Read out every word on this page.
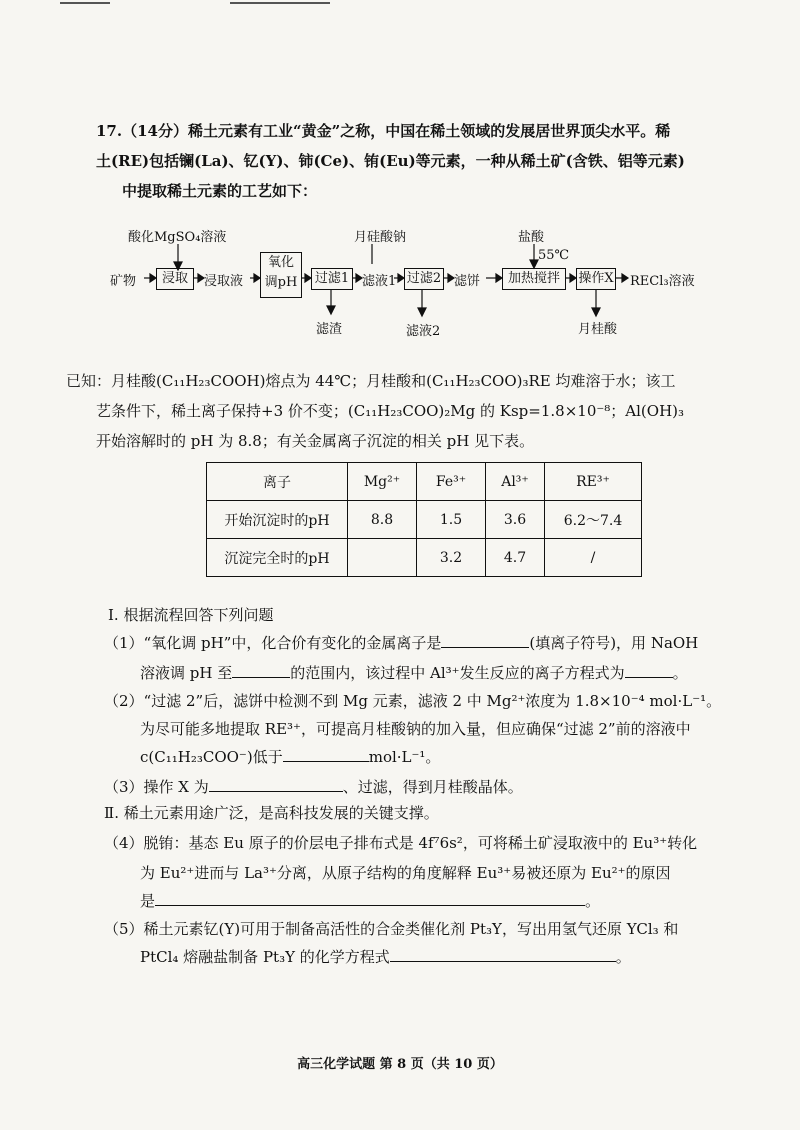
17.（14分）稀土元素有工业“黄金”之称，中国在稀土领域的发展居世界顶尖水平。稀
土(RE)包括镧(La)、钇(Y)、铈(Ce)、铕(Eu)等元素，一种从稀土矿(含铁、铝等元素)
中提取稀土元素的工艺如下：
酸化MgSO₄溶液	月硅酸钠	盐酸
55℃
矿物	浸取	浸取液
氧化
调pH 过滤1 滤液1 过滤2 滤饼	加热搅拌	操作X RECl₃溶液
滤渣	滤液2	月桂酸
已知：月桂酸(C₁₁H₂₃COOH)熔点为 44℃；月桂酸和(C₁₁H₂₃COO)₃RE 均难溶于水；该工
艺条件下，稀土离子保持+3 价不变；(C₁₁H₂₃COO)₂Mg 的 Ksp=1.8×10⁻⁸；Al(OH)₃
开始溶解时的 pH 为 8.8；有关金属离子沉淀的相关 pH 见下表。
离子	Mg²⁺	Fe³⁺	Al³⁺	RE³⁺
开始沉淀时的pH	8.8	1.5	3.6	6.2～7.4
沉淀完全时的pH		3.2	4.7	/
Ⅰ. 根据流程回答下列问题
（1）“氧化调 pH”中，化合价有变化的金属离子是	(填离子符号)，用 NaOH
溶液调 pH 至	的范围内，该过程中 Al³⁺发生反应的离子方程式为	。
（2）“过滤 2”后，滤饼中检测不到 Mg 元素，滤液 2 中 Mg²⁺浓度为 1.8×10⁻⁴ mol·L⁻¹。
为尽可能多地提取 RE³⁺，可提高月桂酸钠的加入量，但应确保“过滤 2”前的溶液中
c(C₁₁H₂₃COO⁻)低于	mol·L⁻¹。
（3）操作 X 为	、过滤，得到月桂酸晶体。
Ⅱ. 稀土元素用途广泛，是高科技发展的关键支撑。
（4）脱铕：基态 Eu 原子的价层电子排布式是 4f⁷6s²，可将稀土矿浸取液中的 Eu³⁺转化
为 Eu²⁺进而与 La³⁺分离，从原子结构的角度解释 Eu³⁺易被还原为 Eu²⁺的原因
是	。
（5）稀土元素钇(Y)可用于制备高活性的合金类催化剂 Pt₃Y，写出用氢气还原 YCl₃ 和
PtCl₄ 熔融盐制备 Pt₃Y 的化学方程式	。
高三化学试题 第 8 页（共 10 页）
